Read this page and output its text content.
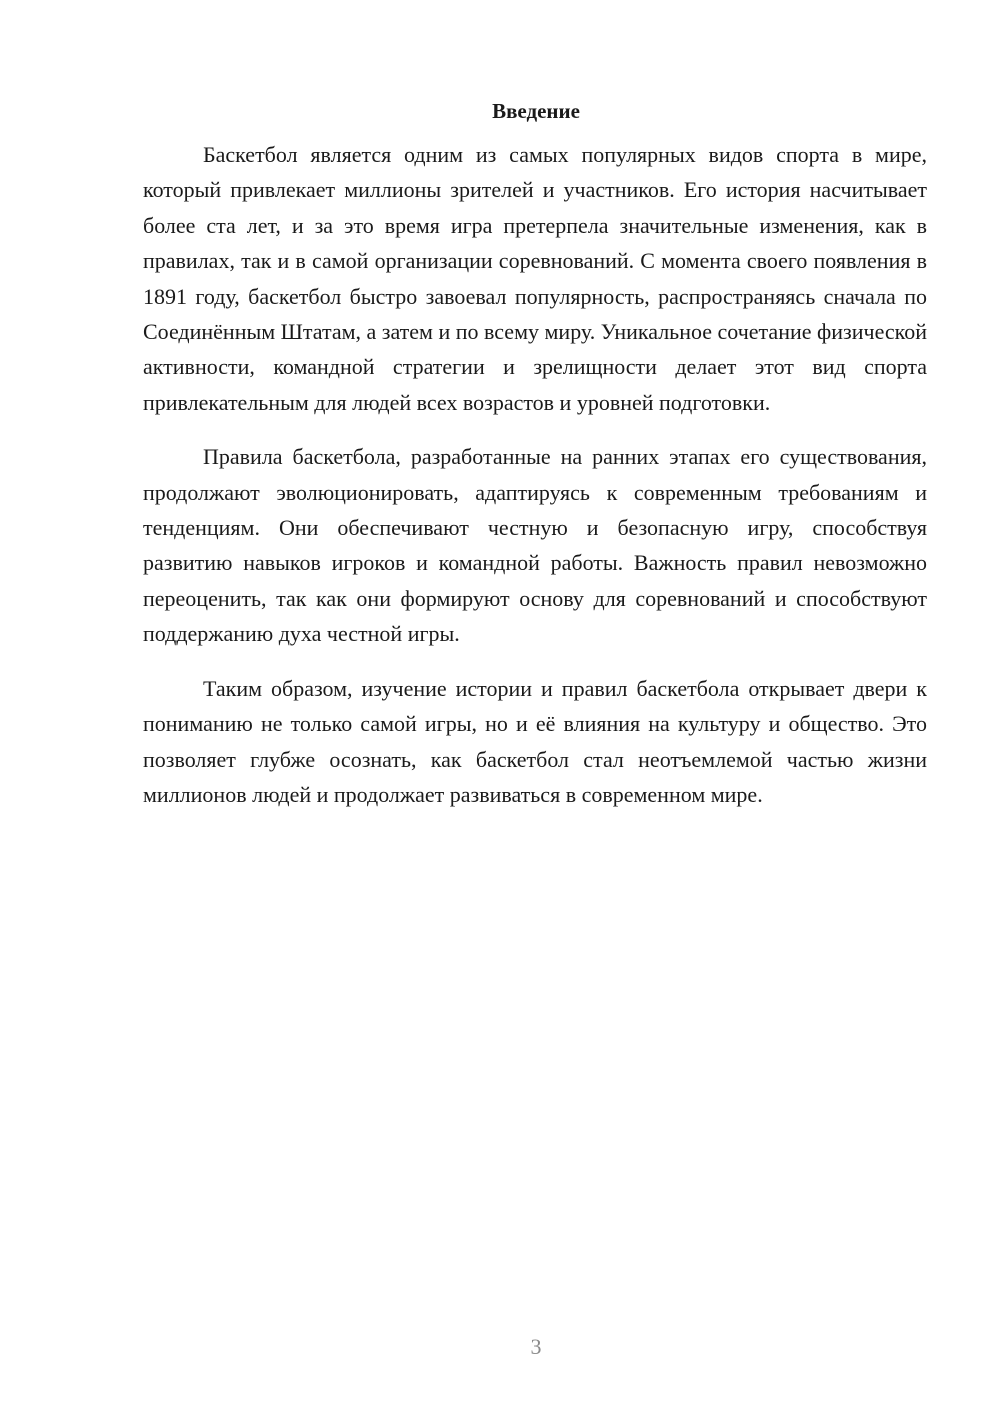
Введение

Баскетбол является одним из самых популярных видов спорта в мире, который привлекает миллионы зрителей и участников. Его история насчитывает более ста лет, и за это время игра претерпела значительные изменения, как в правилах, так и в самой организации соревнований. С момента своего появления в 1891 году, баскетбол быстро завоевал популярность, распространяясь сначала по Соединённым Штатам, а затем и по всему миру. Уникальное сочетание физической активности, командной стратегии и зрелищности делает этот вид спорта привлекательным для людей всех возрастов и уровней подготовки.

Правила баскетбола, разработанные на ранних этапах его существования, продолжают эволюционировать, адаптируясь к современным требованиям и тенденциям. Они обеспечивают честную и безопасную игру, способствуя развитию навыков игроков и командной работы. Важность правил невозможно переоценить, так как они формируют основу для соревнований и способствуют поддержанию духа честной игры.

Таким образом, изучение истории и правил баскетбола открывает двери к пониманию не только самой игры, но и её влияния на культуру и общество. Это позволяет глубже осознать, как баскетбол стал неотъемлемой частью жизни миллионов людей и продолжает развиваться в современном мире.

3
